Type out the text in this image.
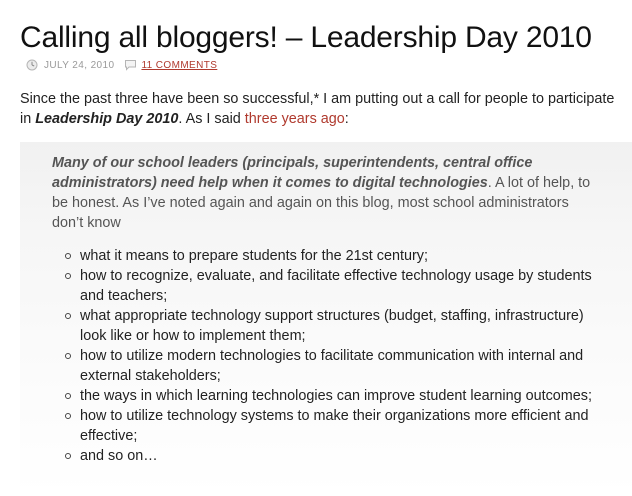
Calling all bloggers! – Leadership Day 2010
JULY 24, 2010	11 COMMENTS

Since the past three have been so successful,* I am putting out a call for people to participate in Leadership Day 2010. As I said three years ago:

Many of our school leaders (principals, superintendents, central office administrators) need help when it comes to digital technologies. A lot of help, to be honest. As I’ve noted again and again on this blog, most school administrators don’t know

what it means to prepare students for the 21st century;
how to recognize, evaluate, and facilitate effective technology usage by students and teachers;
what appropriate technology support structures (budget, staffing, infrastructure) look like or how to implement them;
how to utilize modern technologies to facilitate communication with internal and external stakeholders;
the ways in which learning technologies can improve student learning outcomes;
how to utilize technology systems to make their organizations more efficient and effective;
and so on…
